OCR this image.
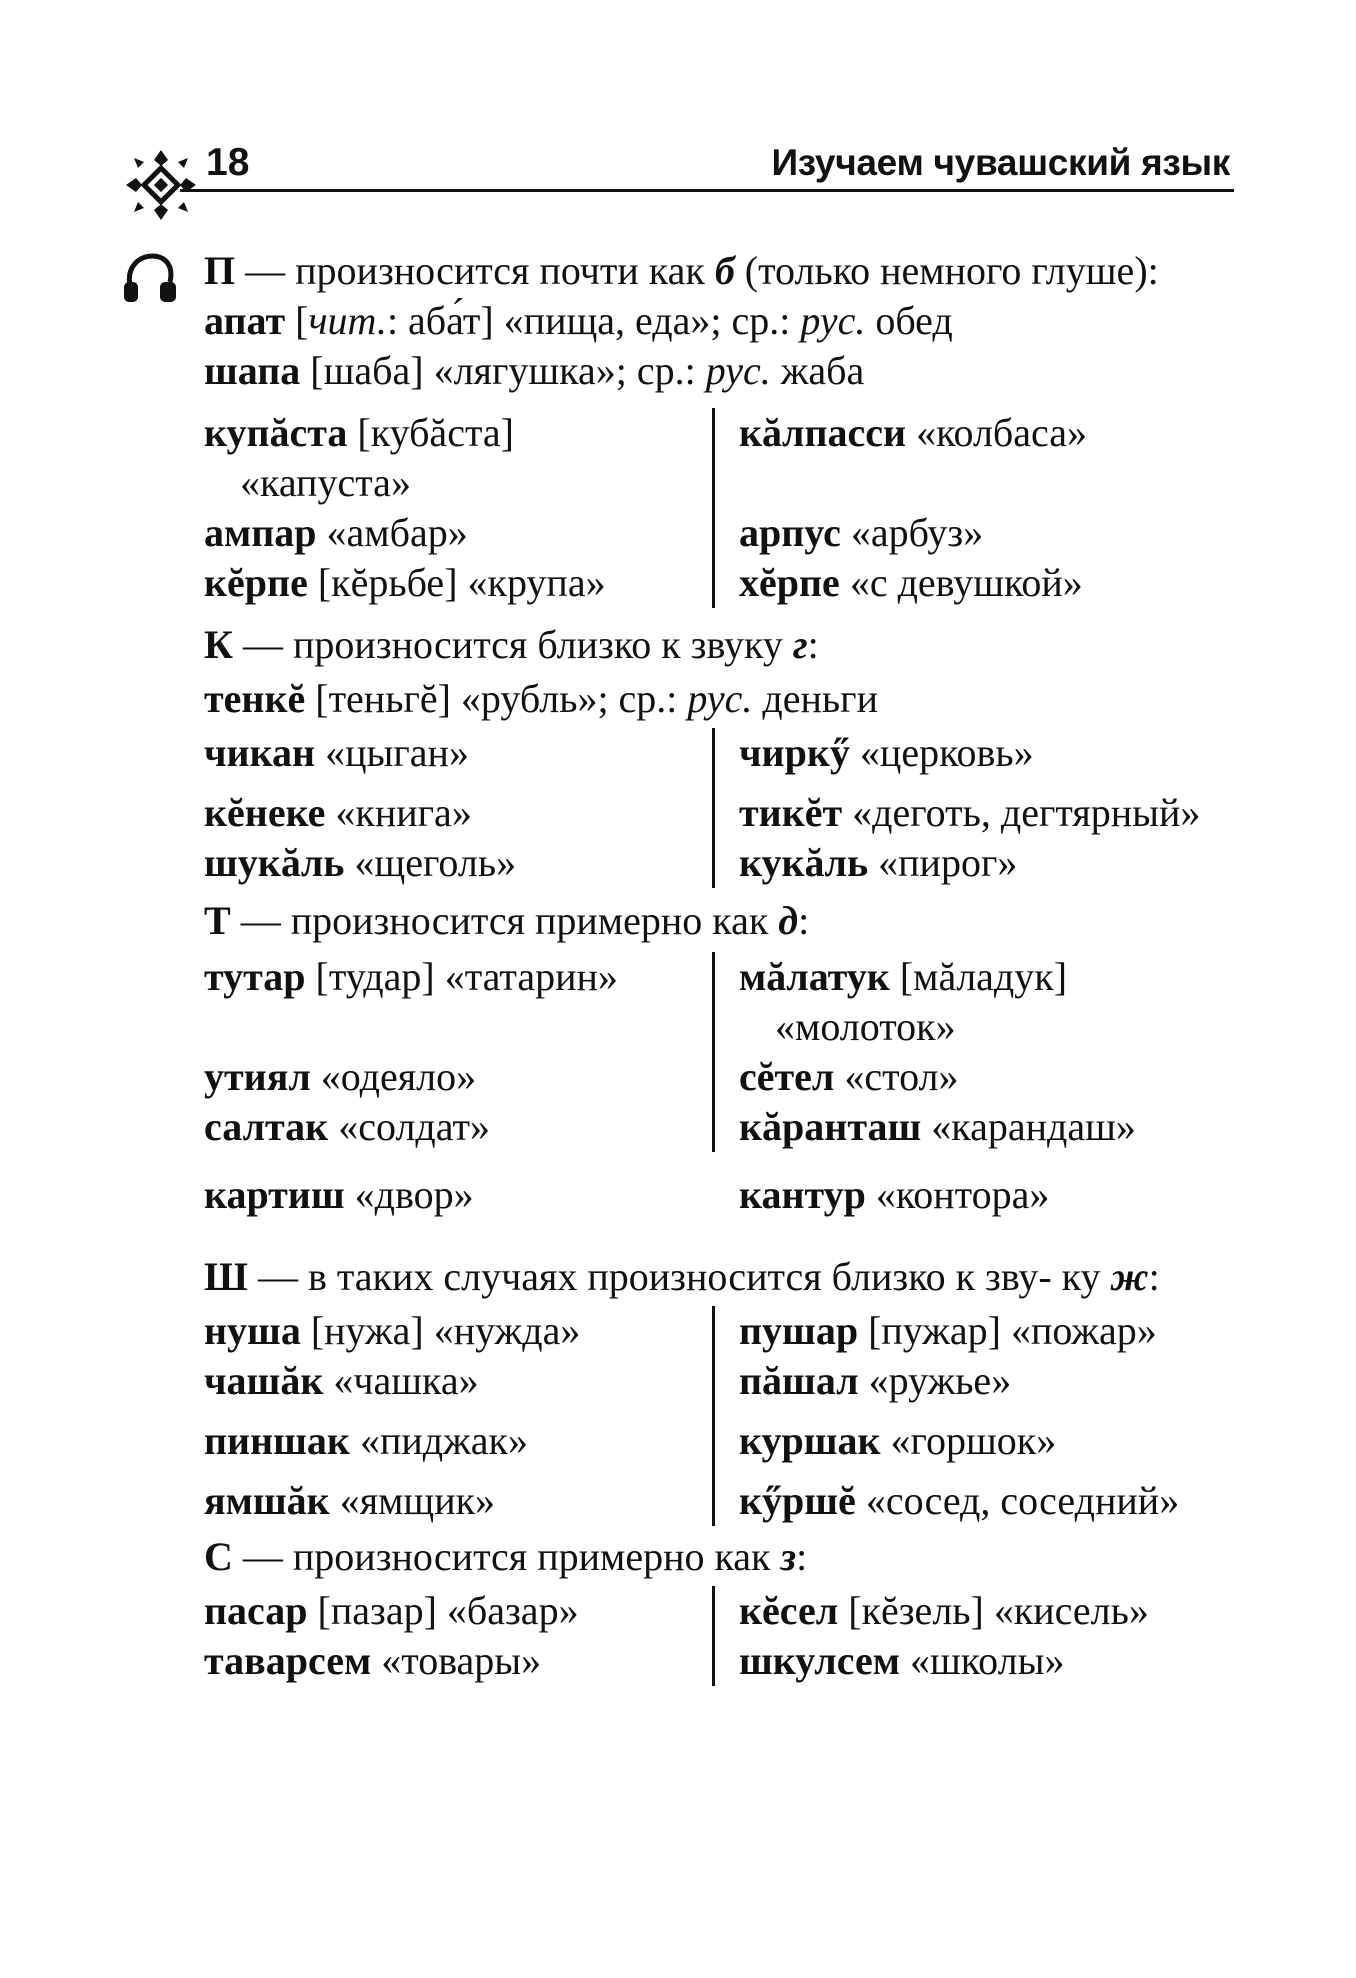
18	Изучаем чувашский язык

П — произносится почти как б (только немного глуше):

апат [чит.: аба́т] «пища, еда»; ср.: рус. обед

шапа [шаба] «лягушка»; ср.: рус. жаба

купăста [кубăста]	кăлпасси «колбаса»
«капуста»
ампар «амбар»	арпус «арбуз»
кĕрпе [кĕрьбе] «крупа»	хĕрпе «с девушкой»

К — произносится близко к звуку г:

тенкĕ [теньгĕ] «рубль»; ср.: рус. деньги

чикан «цыган»	чиркӳ «церковь»
кĕнеке «книга»	тикĕт «деготь, дегтярный»
шукăль «щеголь»	кукăль «пирог»

Т — произносится примерно как д:

тутар [тудар] «татарин»	мăлатук [мăладук]
«молоток»
утиял «одеяло»	сĕтел «стол»
салтак «солдат»	кăранташ «карандаш»
картиш «двор»	кантур «контора»

Ш — в таких случаях произносится близко к зву- ку ж:

нуша [нужа] «нужда»	пушар [пужар] «пожар»
чашăк «чашка»	пăшал «ружье»
пиншак «пиджак»	куршак «горшок»
ямшăк «ямщик»	кӳршĕ «сосед, соседний»

С — произносится примерно как з:

пасар [пазар] «базар»	кĕсел [кĕзель] «кисель»
таварсем «товары»	шкулсем «школы»
